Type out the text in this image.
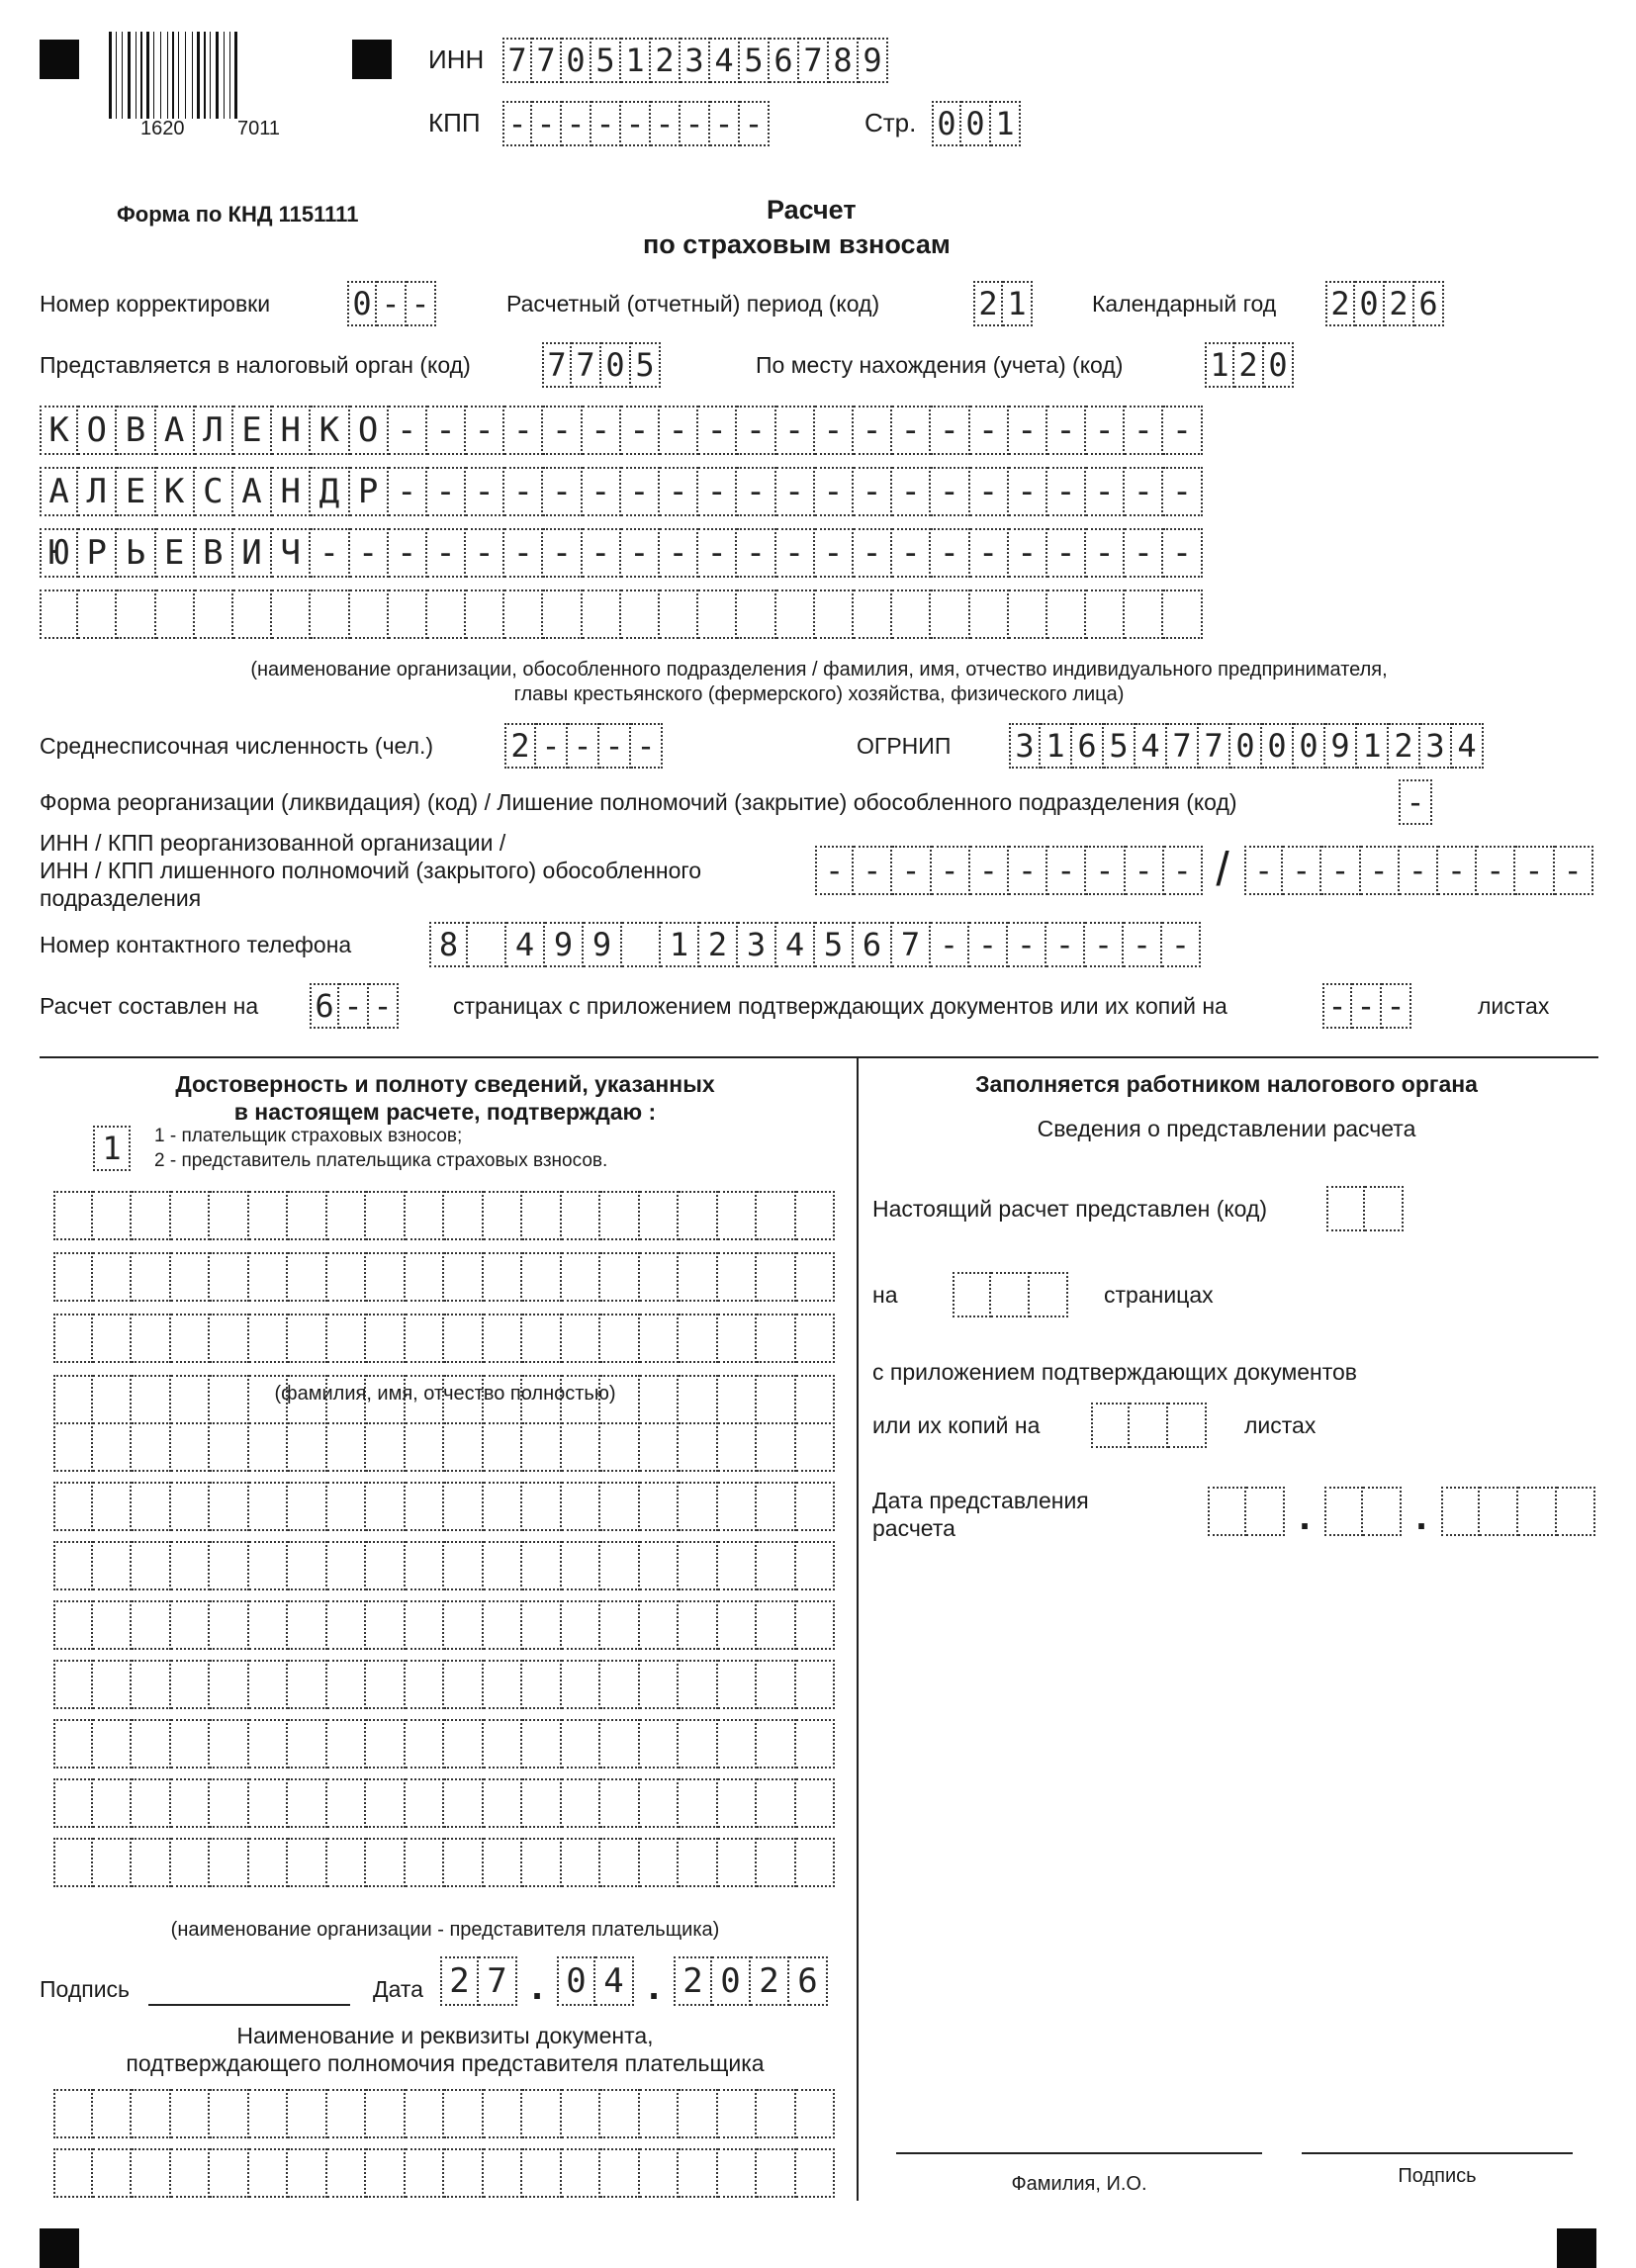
1620	7011
ИНН 7 7 0 5 1 2 3 4 5 6 7 8 9
КПП - - - - - - - - -	Стр. 0 0 1
Форма по КНД 1151111	Расчет
по страховым взносам
Номер корректировки	0 - -	Расчетный (отчетный) период (код)	2 1	Календарный год 2 0 2 6
Представляется в налоговый орган (код) 7 7 0 5	По месту нахождения (учета) (код)	1 2 0
К О В А Л Е Н К О - - - - - - - - - - - - - - - - - - - - -
А Л Е К С А Н Д Р - - - - - - - - - - - - - - - - - - - - -
Ю Р Ь Е В И Ч - - - - - - - - - - - - - - - - - - - - - - -
(наименование организации, обособленного подразделения / фамилия, имя, отчество индивидуального предпринимателя,
главы крестьянского (фермерского) хозяйства, физического лица)
Среднесписочная численность (чел.) 2 - - - -	ОГРНИП 3 1 6 5 4 7 7 0 0 0 9 1 2 3 4
Форма реорганизации (ликвидация) (код) / Лишение полномочий (закрытие) обособленного подразделения (код)	-
ИНН / КПП реорганизованной организации /
ИНН / КПП лишенного полномочий (закрытого) обособленного
подразделения
- - - - - - - - - - / - - - - - - - - -
Номер контактного телефона	8	4 9 9	1 2 3 4 5 6 7 - - - - - - -
Расчет составлен на 6 - -	страницах с приложением подтверждающих документов или их копий на	- - -	листах
Достоверность и полноту сведений, указанных
в настоящем расчете, подтверждаю :
1	1 - плательщик страховых взносов;
2 - представитель плательщика страховых взносов.
(фамилия, имя, отчество полностью)
(наименование организации - представителя плательщика)
Подпись	Дата 2 7 . 0 4 . 2 0 2 6
Наименование и реквизиты документа,
подтверждающего полномочия представителя плательщика
Заполняется работником налогового органа
Сведения о представлении расчета
Настоящий расчет представлен (код)
на	страницах
с приложением подтверждающих документов
или их копий на	листах
Дата представления
расчета	.	.
Фамилия, И.О.	Подпись
